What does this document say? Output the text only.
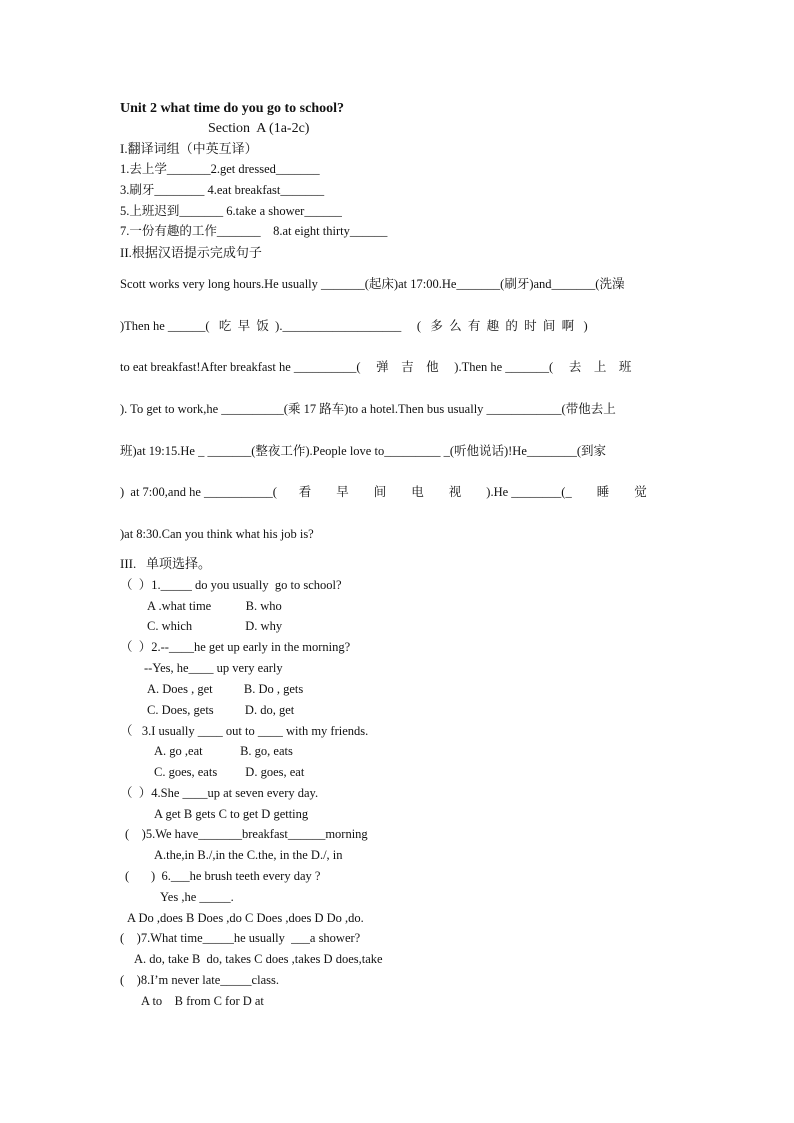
Unit 2 what time do you go to school?
Section  A (1a-2c)
I.翻译词组（中英互译）
1.去上学_______2.get dressed_______
3.刷牙________ 4.eat breakfast_______
5.上班迟到_______ 6.take a shower______
7.一份有趣的工作_______    8.at eight thirty______
II.根据汉语提示完成句子
Scott works very long hours.He usually _______(起床)at 17:00.He_______(刷牙)and_______(洗澡
)Then he ______(   吃  早  饭  ).___________________     (   多  么  有  趣  的  时  间  啊   )
to eat breakfast!After breakfast he __________(     弹    吉    他     ).Then he _______(     去    上    班
). To get to work,he __________(乘 17 路车)to a hotel.Then bus usually ____________(带他去上
班)at 19:15.He _ _______(整夜工作).People love to_________ _(听他说话)!He________(到家
)  at 7:00,and he ___________(       看        早        间        电        视        ).He ________(_        睡        觉
)at 8:30.Can you think what his job is?
III.   单项选择。
（  ）1._____ do you usually  go to school?
A .what time           B. who
C. which                 D. why
（  ）2.--____he get up early in the morning?
--Yes, he____ up very early
A. Does , get          B. Do , gets
C. Does, gets          D. do, get
（   3.I usually ____ out to ____ with my friends.
A. go ,eat            B. go, eats
C. goes, eats         D. goes, eat
（  ）4.She ____up at seven every day.
A get B gets C to get D getting
(    )5.We have_______breakfast______morning
A.the,in B./,in the C.the, in the D./, in
(       )  6.___he brush teeth every day ?
Yes ,he _____.
A Do ,does B Does ,do C Does ,does D Do ,do.
(    )7.What time_____he usually  ___a shower?
A. do, take B  do, takes C does ,takes D does,take
(    )8.I’m never late_____class.
A to    B from C for D at
